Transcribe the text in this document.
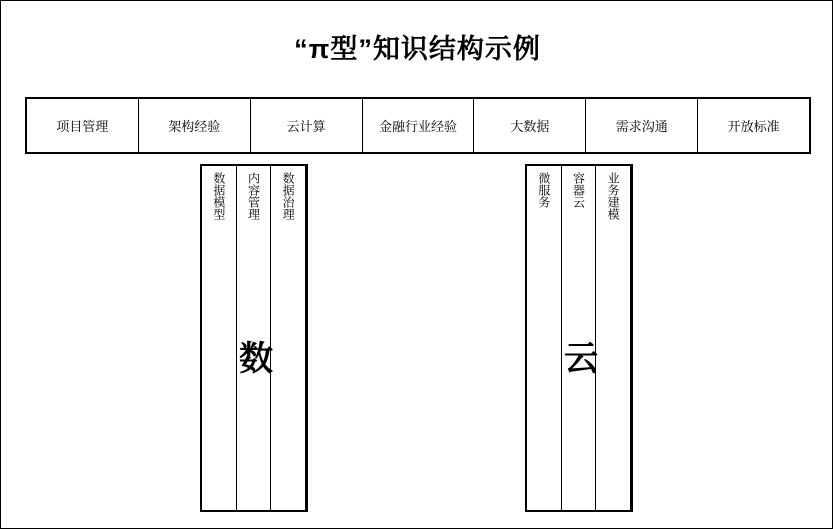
“π型”知识结构示例
项目管理	架构经验	云计算	金融行业经验	大数据	需求沟通	开放标准
数据模型 内容管理 数据治理
数
微服务 容器云 业务建模
云
